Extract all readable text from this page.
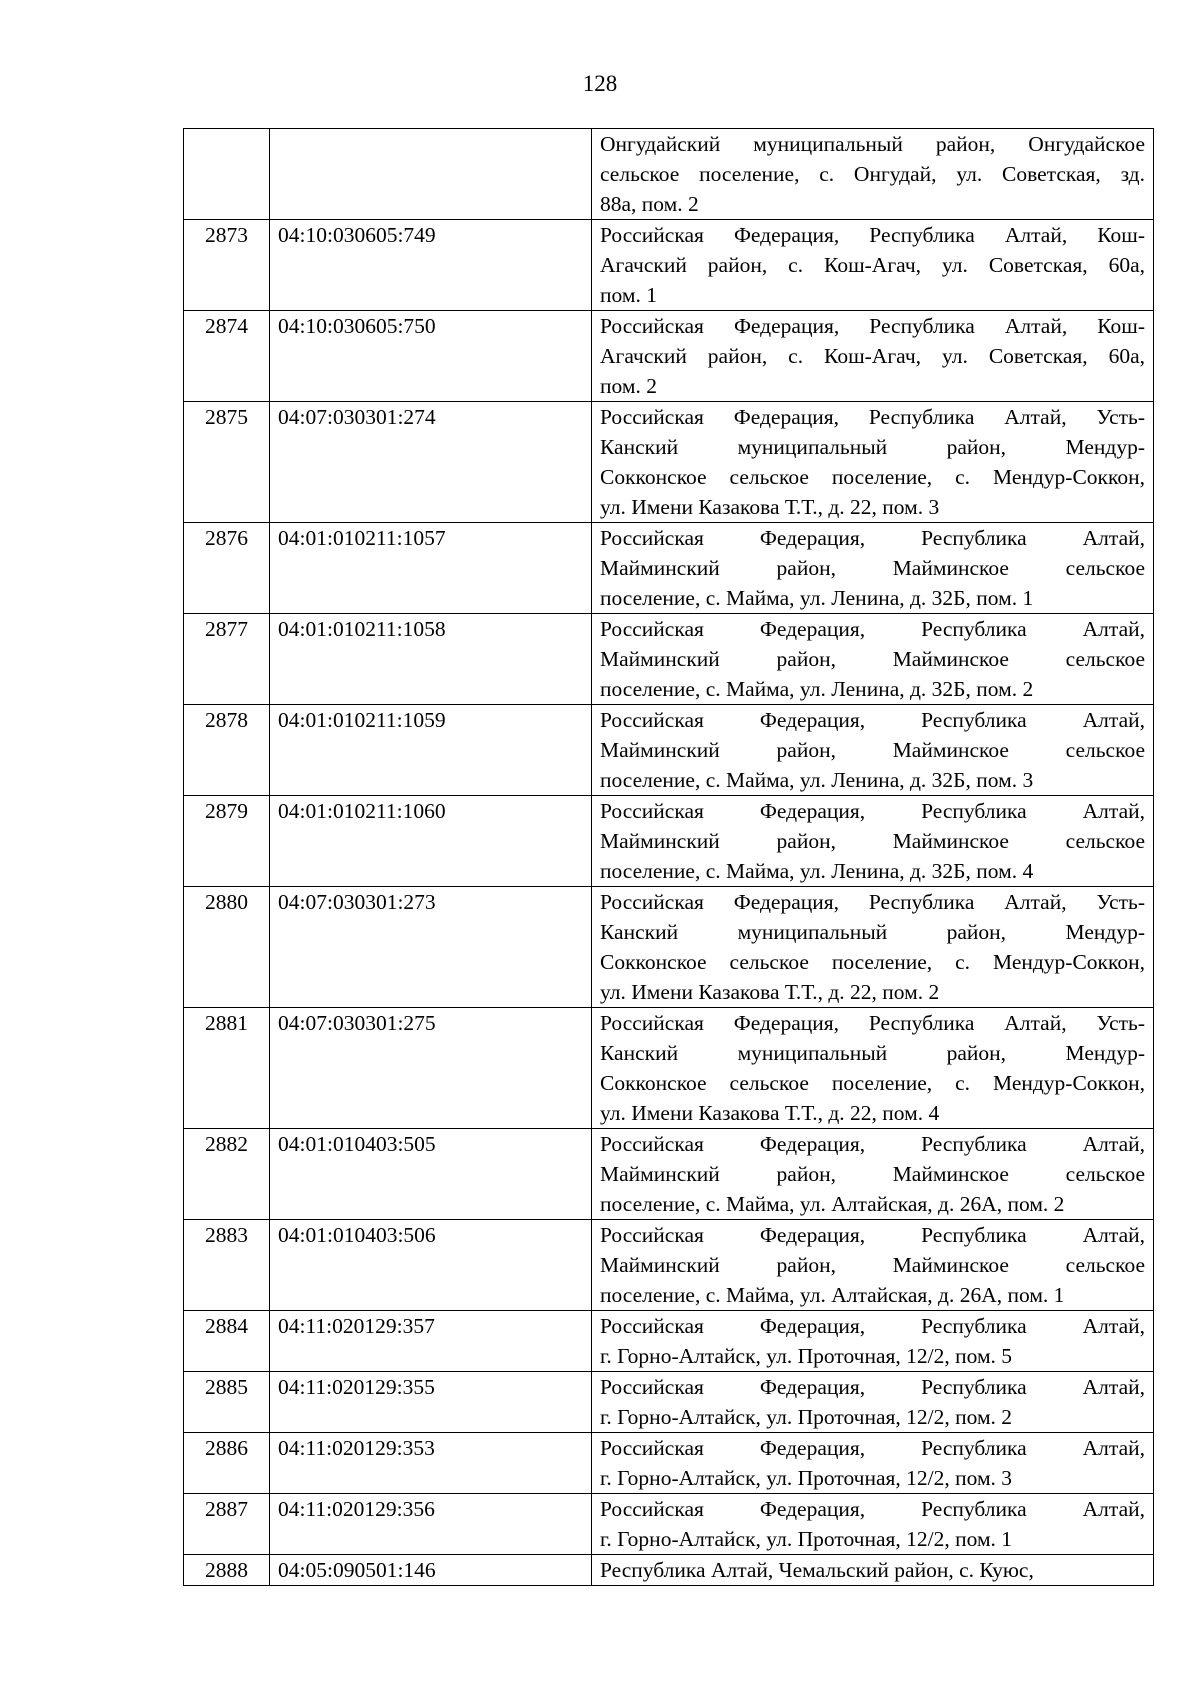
128

		Онгудайский муниципальный район, Онгудайское
сельское поселение, с. Онгудай, ул. Советская, зд.
88а, пом. 2

2873	04:10:030605:749	Российская Федерация, Республика Алтай, Кош-
Агачский район, с. Кош-Агач, ул. Советская, 60а,
пом. 1

2874	04:10:030605:750	Российская Федерация, Республика Алтай, Кош-
Агачский район, с. Кош-Агач, ул. Советская, 60а,
пом. 2

2875	04:07:030301:274	Российская Федерация, Республика Алтай, Усть-
Канский муниципальный район, Мендур-
Сокконское сельское поселение, с. Мендур-Соккон,
ул. Имени Казакова Т.Т., д. 22, пом. 3

2876	04:01:010211:1057	Российская Федерация, Республика Алтай,
Майминский район, Майминское сельское
поселение, с. Майма, ул. Ленина, д. 32Б, пом. 1

2877	04:01:010211:1058	Российская Федерация, Республика Алтай,
Майминский район, Майминское сельское
поселение, с. Майма, ул. Ленина, д. 32Б, пом. 2

2878	04:01:010211:1059	Российская Федерация, Республика Алтай,
Майминский район, Майминское сельское
поселение, с. Майма, ул. Ленина, д. 32Б, пом. 3

2879	04:01:010211:1060	Российская Федерация, Республика Алтай,
Майминский район, Майминское сельское
поселение, с. Майма, ул. Ленина, д. 32Б, пом. 4

2880	04:07:030301:273	Российская Федерация, Республика Алтай, Усть-
Канский муниципальный район, Мендур-
Сокконское сельское поселение, с. Мендур-Соккон,
ул. Имени Казакова Т.Т., д. 22, пом. 2

2881	04:07:030301:275	Российская Федерация, Республика Алтай, Усть-
Канский муниципальный район, Мендур-
Сокконское сельское поселение, с. Мендур-Соккон,
ул. Имени Казакова Т.Т., д. 22, пом. 4

2882	04:01:010403:505	Российская Федерация, Республика Алтай,
Майминский район, Майминское сельское
поселение, с. Майма, ул. Алтайская, д. 26А, пом. 2

2883	04:01:010403:506	Российская Федерация, Республика Алтай,
Майминский район, Майминское сельское
поселение, с. Майма, ул. Алтайская, д. 26А, пом. 1

2884	04:11:020129:357	Российская Федерация, Республика Алтай,
г. Горно-Алтайск, ул. Проточная, 12/2, пом. 5

2885	04:11:020129:355	Российская Федерация, Республика Алтай,
г. Горно-Алтайск, ул. Проточная, 12/2, пом. 2

2886	04:11:020129:353	Российская Федерация, Республика Алтай,
г. Горно-Алтайск, ул. Проточная, 12/2, пом. 3

2887	04:11:020129:356	Российская Федерация, Республика Алтай,
г. Горно-Алтайск, ул. Проточная, 12/2, пом. 1

2888	04:05:090501:146	Республика Алтай, Чемальский район, с. Куюс,
